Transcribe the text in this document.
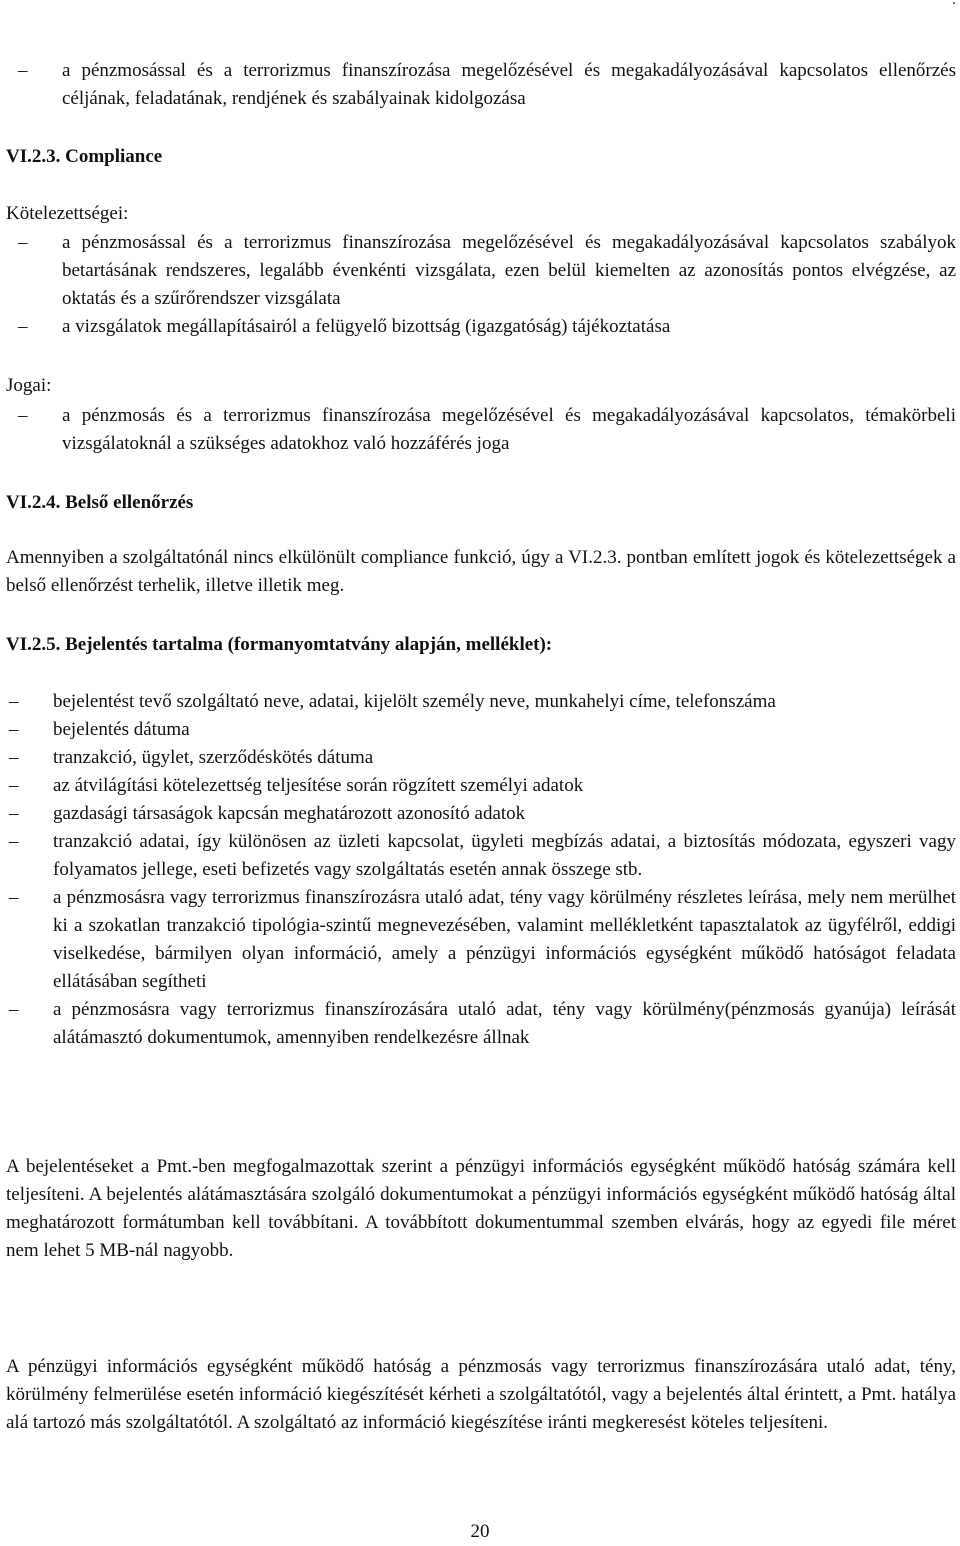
– a pénzmosással és a terrorizmus finanszírozása megelőzésével és megakadályozásával kapcsolatos ellenőrzés céljának, feladatának, rendjének és szabályainak kidolgozása

VI.2.3. Compliance

Kötelezettségei:

– a pénzmosással és a terrorizmus finanszírozása megelőzésével és megakadályozásával kapcsolatos szabályok betartásának rendszeres, legalább évenkénti vizsgálata, ezen belül kiemelten az azonosítás pontos elvégzése, az oktatás és a szűrőrendszer vizsgálata
– a vizsgálatok megállapításairól a felügyelő bizottság (igazgatóság) tájékoztatása

Jogai:

– a pénzmosás és a terrorizmus finanszírozása megelőzésével és megakadályozásával kapcsolatos, témakörbeli vizsgálatoknál a szükséges adatokhoz való hozzáférés joga

VI.2.4. Belső ellenőrzés

Amennyiben a szolgáltatónál nincs elkülönült compliance funkció, úgy a VI.2.3. pontban említett jogok és kötelezettségek a belső ellenőrzést terhelik, illetve illetik meg.

VI.2.5. Bejelentés tartalma (formanyomtatvány alapján, melléklet):

– bejelentést tevő szolgáltató neve, adatai, kijelölt személy neve, munkahelyi címe, telefonszáma
– bejelentés dátuma
– tranzakció, ügylet, szerződéskötés dátuma
– az átvilágítási kötelezettség teljesítése során rögzített személyi adatok
– gazdasági társaságok kapcsán meghatározott azonosító adatok
– tranzakció adatai, így különösen az üzleti kapcsolat, ügyleti megbízás adatai, a biztosítás módozata, egyszeri vagy folyamatos jellege, eseti befizetés vagy szolgáltatás esetén annak összege stb.
– a pénzmosásra vagy terrorizmus finanszírozásra utaló adat, tény vagy körülmény részletes leírása, mely nem merülhet ki a szokatlan tranzakció tipológia-szintű megnevezésében, valamint mellékletként tapasztalatok az ügyfélről, eddigi viselkedése, bármilyen olyan információ, amely a pénzügyi információs egységként működő hatóságot feladata ellátásában segítheti
– a pénzmosásra vagy terrorizmus finanszírozására utaló adat, tény vagy körülmény(pénzmosás gyanúja) leírását alátámasztó dokumentumok, amennyiben rendelkezésre állnak

A bejelentéseket a Pmt.-ben megfogalmazottak szerint a pénzügyi információs egységként működő hatóság számára kell teljesíteni. A bejelentés alátámasztására szolgáló dokumentumokat a pénzügyi információs egységként működő hatóság által meghatározott formátumban kell továbbítani. A továbbított dokumentummal szemben elvárás, hogy az egyedi file méret nem lehet 5 MB-nál nagyobb.

A pénzügyi információs egységként működő hatóság a pénzmosás vagy terrorizmus finanszírozására utaló adat, tény, körülmény felmerülése esetén információ kiegészítését kérheti a szolgáltatótól, vagy a bejelentés által érintett, a Pmt. hatálya alá tartozó más szolgáltatótól. A szolgáltató az információ kiegészítése iránti megkeresést köteles teljesíteni.

20
